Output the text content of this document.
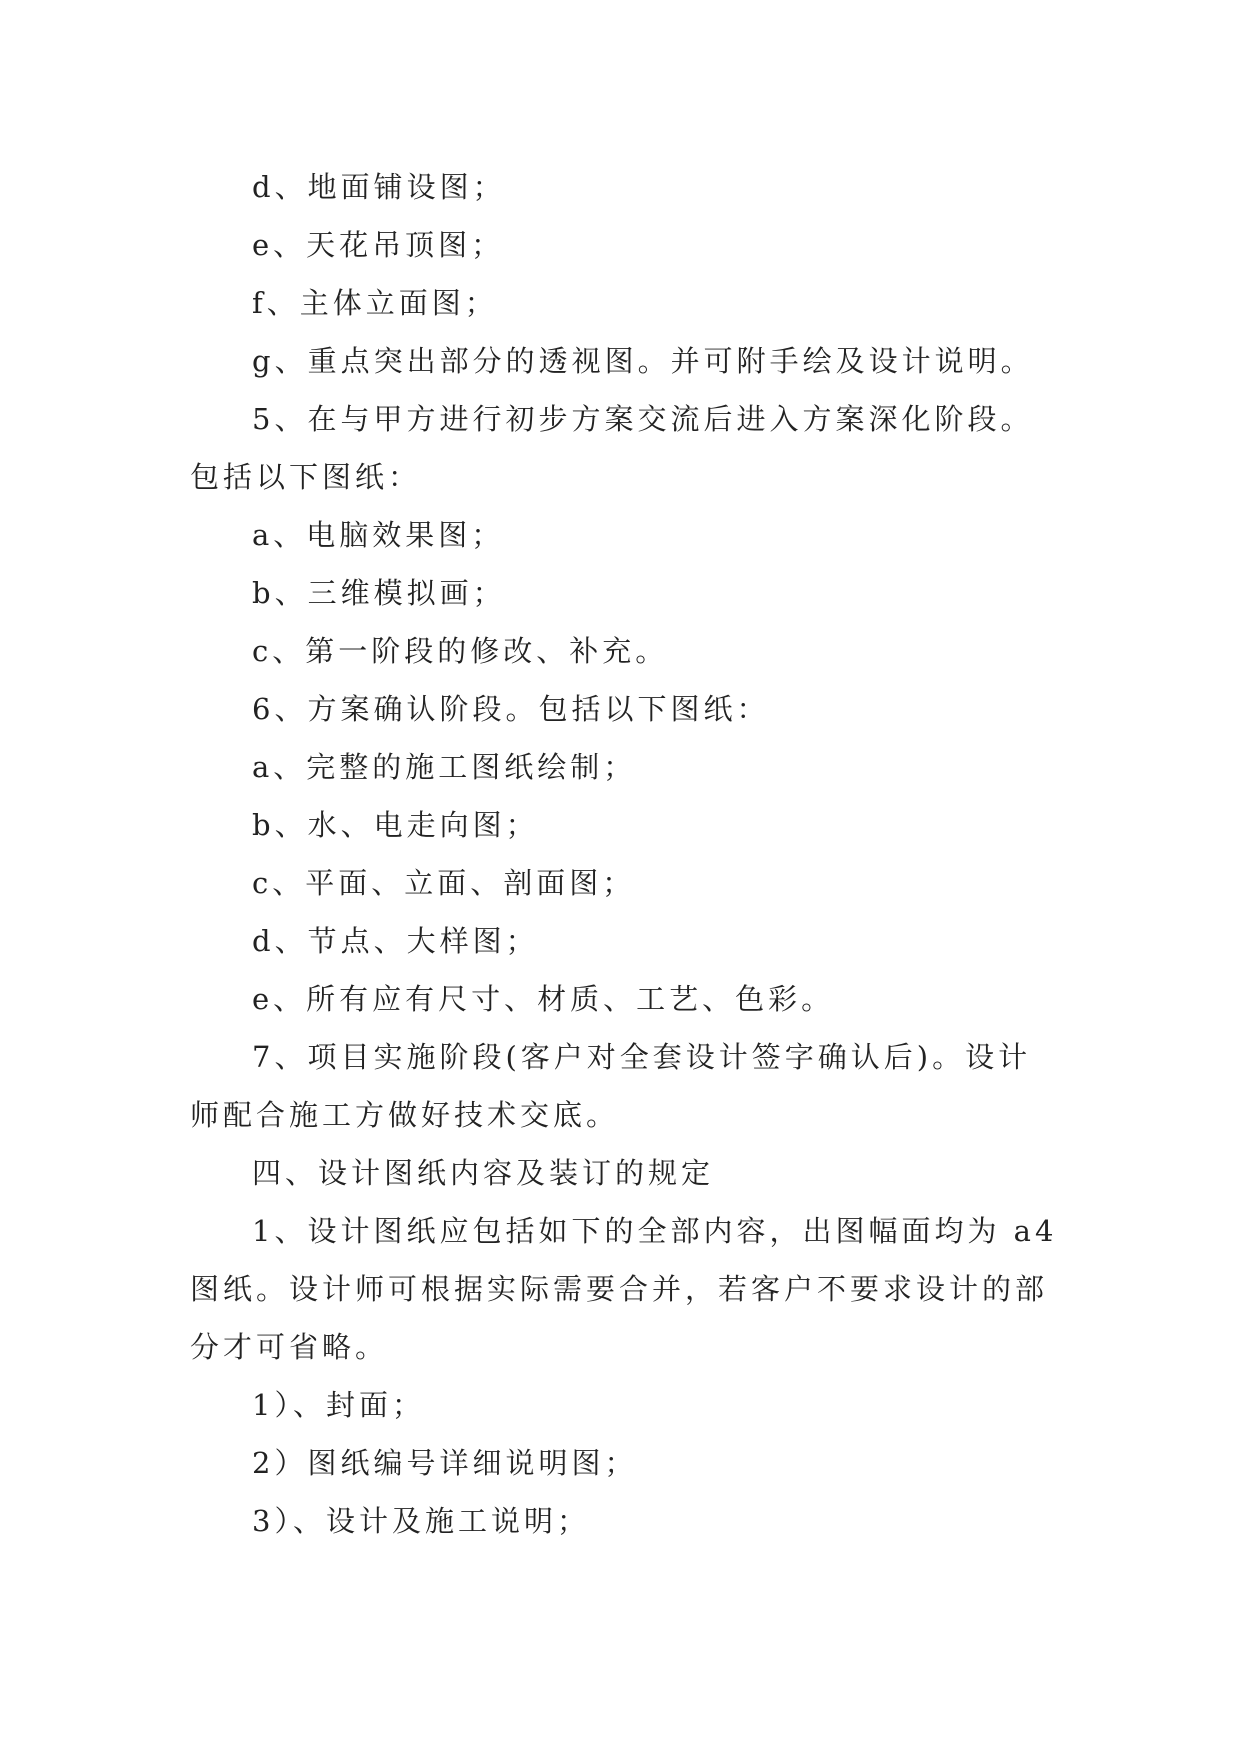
d、地面铺设图；

e、天花吊顶图；

f、主体立面图；

g、重点突出部分的透视图。并可附手绘及设计说明。

5、在与甲方进行初步方案交流后进入方案深化阶段。

包括以下图纸：

a、电脑效果图；

b、三维模拟画；

c、第一阶段的修改、补充。

6、方案确认阶段。包括以下图纸：

a、完整的施工图纸绘制；

b、水、电走向图；

c、平面、立面、剖面图；

d、节点、大样图；

e、所有应有尺寸、材质、工艺、色彩。

7、项目实施阶段(客户对全套设计签字确认后)。设计

师配合施工方做好技术交底。

四、设计图纸内容及装订的规定

1、设计图纸应包括如下的全部内容，出图幅面均为 a4

图纸。设计师可根据实际需要合并，若客户不要求设计的部

分才可省略。

1）、封面；

2）图纸编号详细说明图；

3）、设计及施工说明；
